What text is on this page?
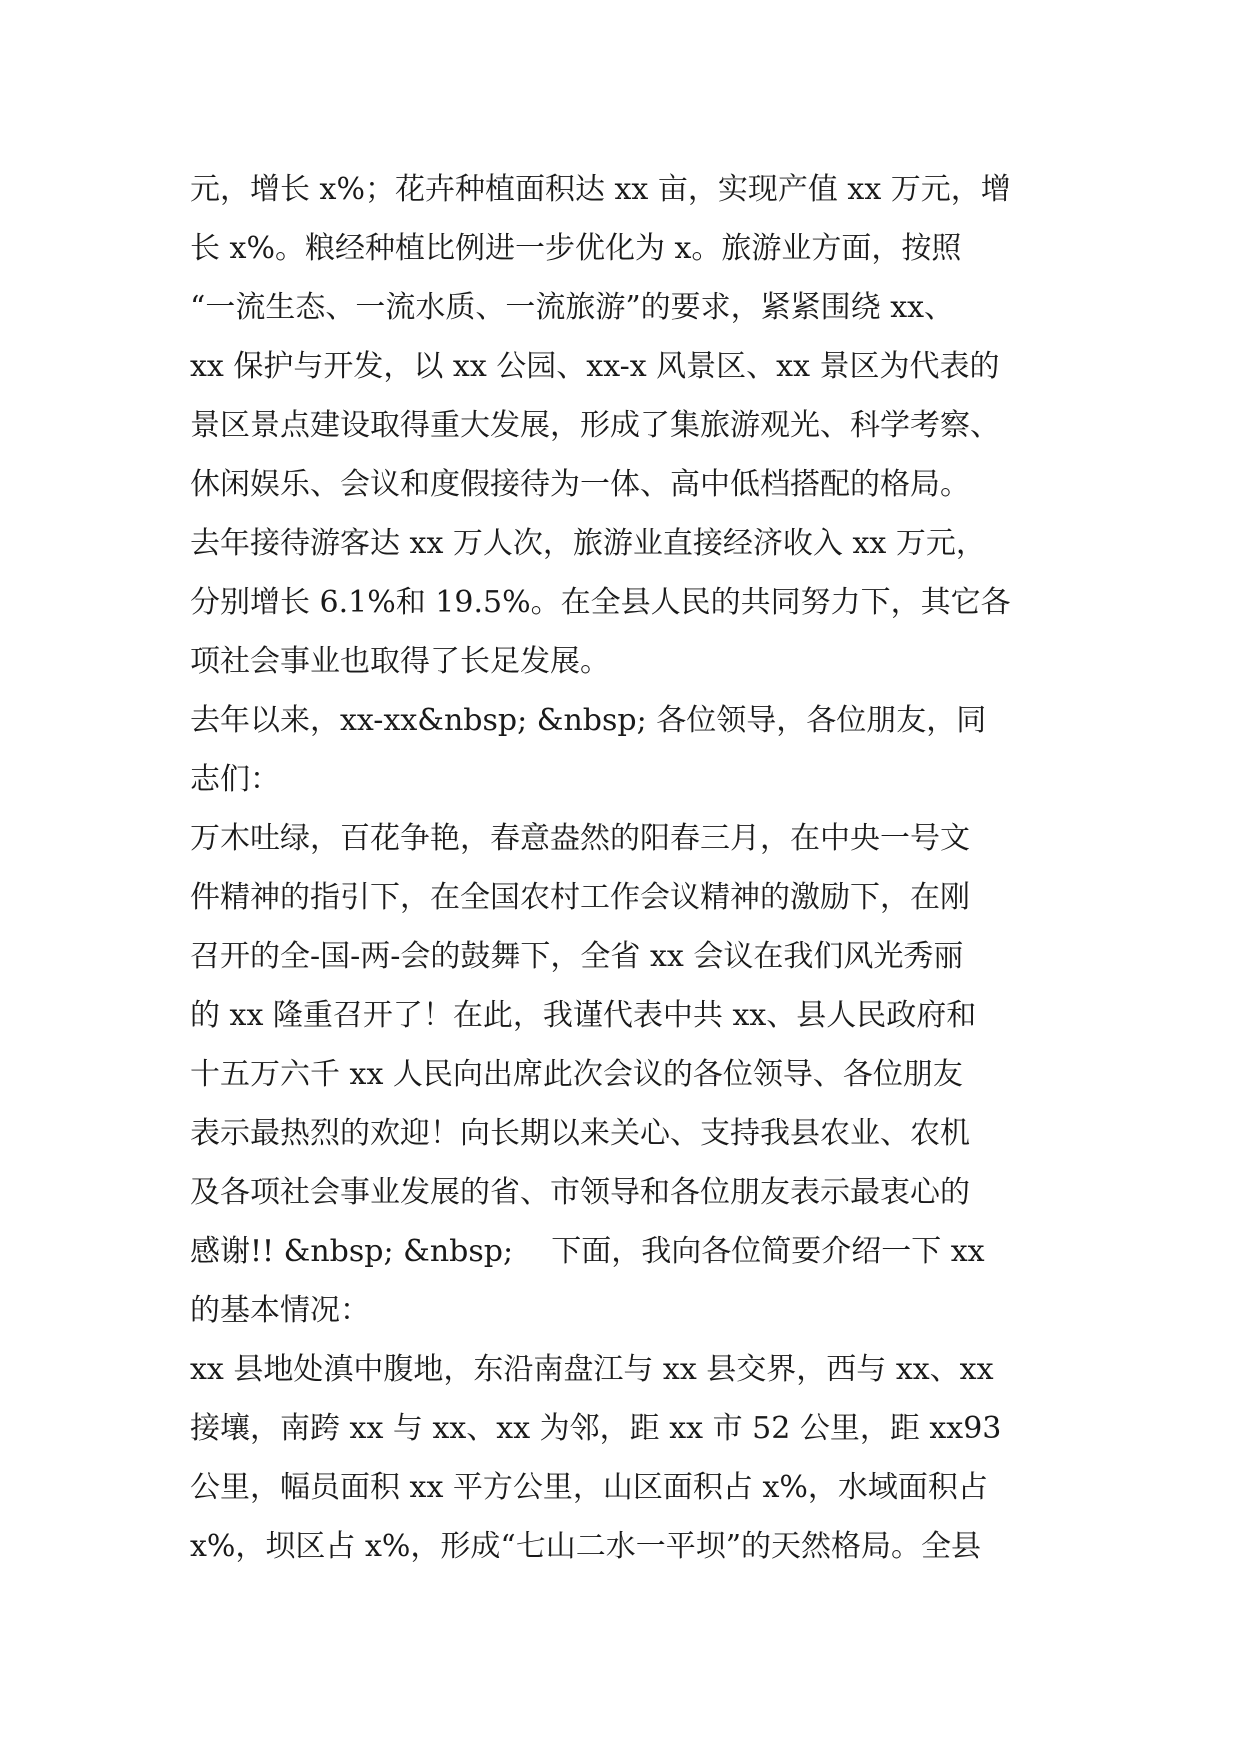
元，增长 x%；花卉种植面积达 xx 亩，实现产值 xx 万元，增
长 x%。粮经种植比例进一步优化为 x。旅游业方面，按照
“一流生态、一流水质、一流旅游”的要求，紧紧围绕 xx、
xx 保护与开发，以 xx 公园、xx-x 风景区、xx 景区为代表的
景区景点建设取得重大发展，形成了集旅游观光、科学考察、
休闲娱乐、会议和度假接待为一体、高中低档搭配的格局。
去年接待游客达 xx 万人次，旅游业直接经济收入 xx 万元，
分别增长 6.1%和 19.5%。在全县人民的共同努力下，其它各
项社会事业也取得了长足发展。
去年以来，xx-xx&nbsp; &nbsp; 各位领导，各位朋友，同
志们：
万木吐绿，百花争艳，春意盎然的阳春三月，在中央一号文
件精神的指引下，在全国农村工作会议精神的激励下，在刚
召开的全-国-两-会的鼓舞下，全省 xx 会议在我们风光秀丽
的 xx 隆重召开了！在此，我谨代表中共 xx、县人民政府和
十五万六千 xx 人民向出席此次会议的各位领导、各位朋友
表示最热烈的欢迎！向长期以来关心、支持我县农业、农机
及各项社会事业发展的省、市领导和各位朋友表示最衷心的
感谢!! &nbsp; &nbsp;    下面，我向各位简要介绍一下 xx
的基本情况：
xx 县地处滇中腹地，东沿南盘江与 xx 县交界，西与 xx、xx
接壤，南跨 xx 与 xx、xx 为邻，距 xx 市 52 公里，距 xx93
公里，幅员面积 xx 平方公里，山区面积占 x%，水域面积占
x%，坝区占 x%，形成“七山二水一平坝”的天然格局。全县
